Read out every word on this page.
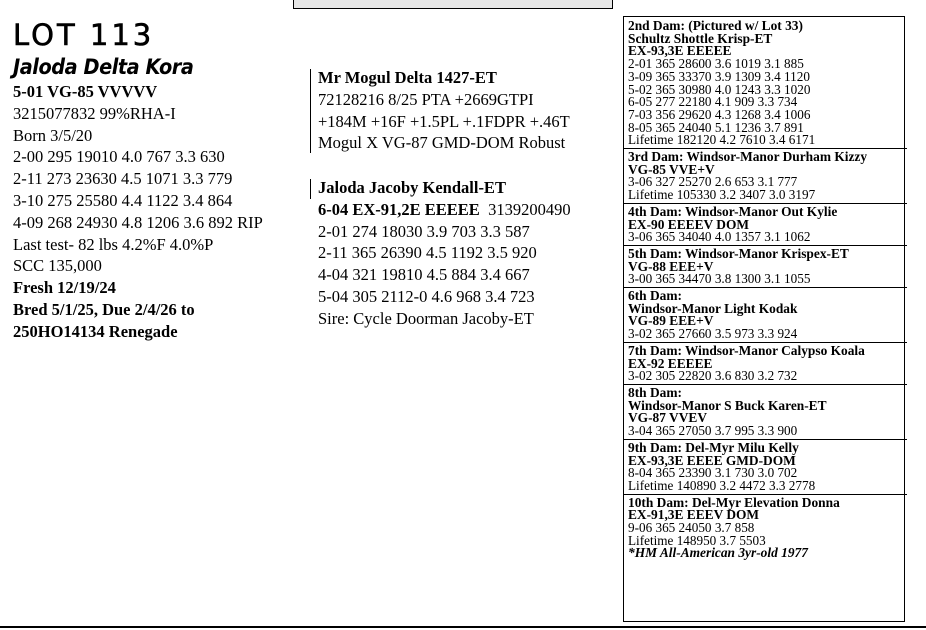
LOT 113
Jaloda Delta Kora
5-01 VG-85 VVVVV
3215077832 99%RHA-I
Born 3/5/20
2-00 295 19010 4.0 767 3.3 630
2-11 273 23630 4.5 1071 3.3 779
3-10 275 25580 4.4 1122 3.4 864
4-09 268 24930 4.8 1206 3.6 892 RIP
Last test- 82 lbs 4.2%F 4.0%P
SCC 135,000
Fresh 12/19/24
Bred 5/1/25, Due 2/4/26 to
250HO14134 Renegade
Mr Mogul Delta 1427-ET
72128216 8/25 PTA +2669GTPI
+184M +16F +1.5PL +.1FDPR +.46T
Mogul X VG-87 GMD-DOM Robust
Jaloda Jacoby Kendall-ET
6-04 EX-91,2E EEEEE  3139200490
2-01 274 18030 3.9 703 3.3 587
2-11 365 26390 4.5 1192 3.5 920
4-04 321 19810 4.5 884 3.4 667
5-04 305 2112-0 4.6 968 3.4 723
Sire: Cycle Doorman Jacoby-ET
2nd Dam: (Pictured w/ Lot 33)
Schultz Shottle Krisp-ET
EX-93,3E EEEEE
2-01 365 28600 3.6 1019 3.1 885
3-09 365 33370 3.9 1309 3.4 1120
5-02 365 30980 4.0 1243 3.3 1020
6-05 277 22180 4.1 909 3.3 734
7-03 356 29620 4.3 1268 3.4 1006
8-05 365 24040 5.1 1236 3.7 891
Lifetime 182120 4.2 7610 3.4 6171
3rd Dam: Windsor-Manor Durham Kizzy
VG-85 VVE+V
3-06 327 25270 2.6 653 3.1 777
Lifetime 105330 3.2 3407 3.0 3197
4th Dam: Windsor-Manor Out Kylie
EX-90 EEEEV DOM
3-06 365 34040 4.0 1357 3.1 1062
5th Dam: Windsor-Manor Krispex-ET
VG-88 EEE+V
3-00 365 34470 3.8 1300 3.1 1055
6th Dam:
Windsor-Manor Light Kodak
VG-89 EEE+V
3-02 365 27660 3.5 973 3.3 924
7th Dam: Windsor-Manor Calypso Koala
EX-92 EEEEE
3-02 305 22820 3.6 830 3.2 732
8th Dam:
Windsor-Manor S Buck Karen-ET
VG-87 VVEV
3-04 365 27050 3.7 995 3.3 900
9th Dam: Del-Myr Milu Kelly
EX-93,3E EEEE GMD-DOM
8-04 365 23390 3.1 730 3.0 702
Lifetime 140890 3.2 4472 3.3 2778
10th Dam: Del-Myr Elevation Donna
EX-91,3E EEEV DOM
9-06 365 24050 3.7 858
Lifetime 148950 3.7 5503
*HM All-American 3yr-old 1977
